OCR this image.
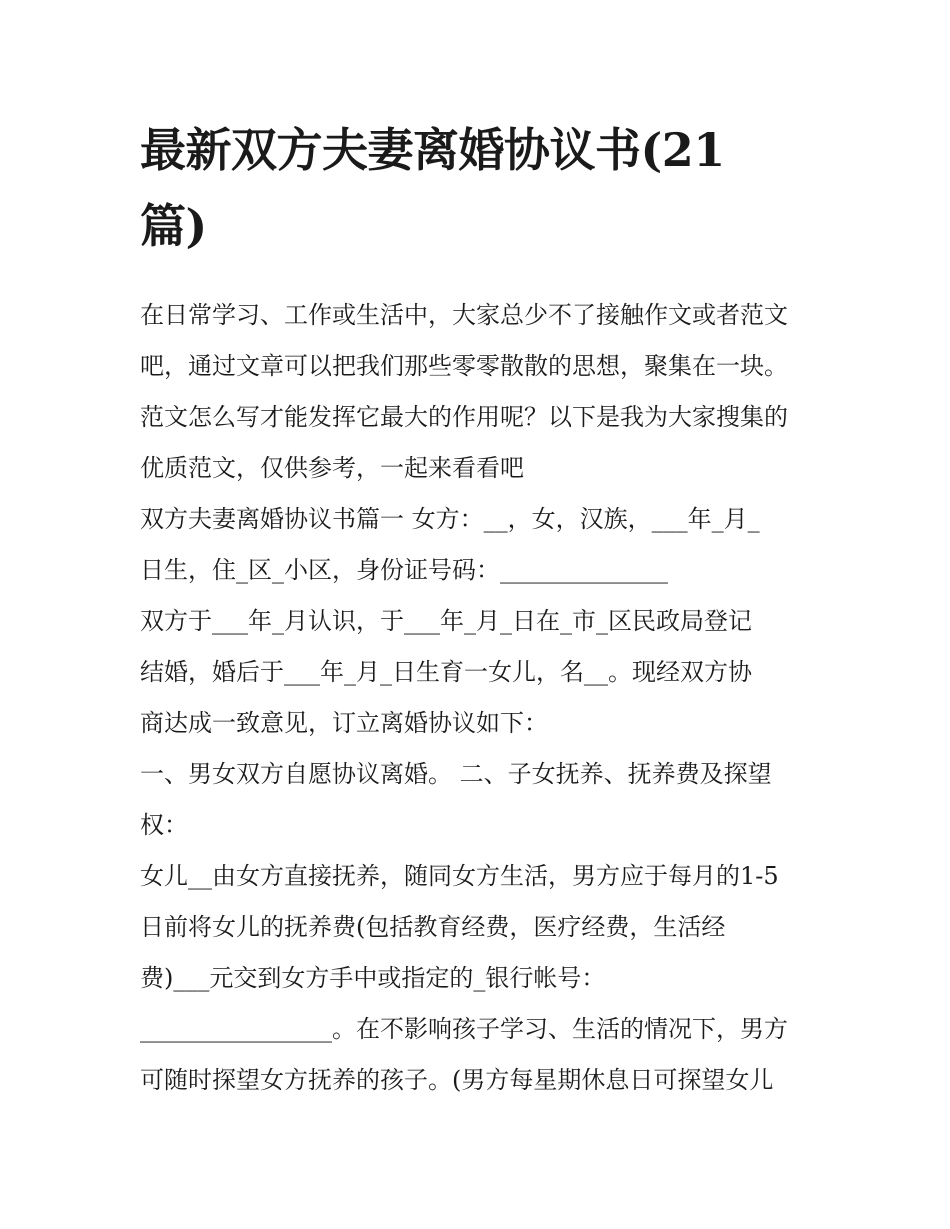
最新双方夫妻离婚协议书(21
篇)

在日常学习、工作或生活中，大家总少不了接触作文或者范文
吧，通过文章可以把我们那些零零散散的思想，聚集在一块。
范文怎么写才能发挥它最大的作用呢？以下是我为大家搜集的
优质范文，仅供参考，一起来看看吧

双方夫妻离婚协议书篇一 女方：__，女，汉族，___年_月_
日生，住_区_小区，身份证号码：______________

双方于___年_月认识，于___年_月_日在_市_区民政局登记
结婚，婚后于___年_月_日生育一女儿，名__。现经双方协
商达成一致意见，订立离婚协议如下：

一、男女双方自愿协议离婚。 二、子女抚养、抚养费及探望
权：

女儿__由女方直接抚养，随同女方生活，男方应于每月的1-5
日前将女儿的抚养费(包括教育经费，医疗经费，生活经
费)___元交到女方手中或指定的_银行帐号：
________________。在不影响孩子学习、生活的情况下，男方
可随时探望女方抚养的孩子。(男方每星期休息日可探望女儿
